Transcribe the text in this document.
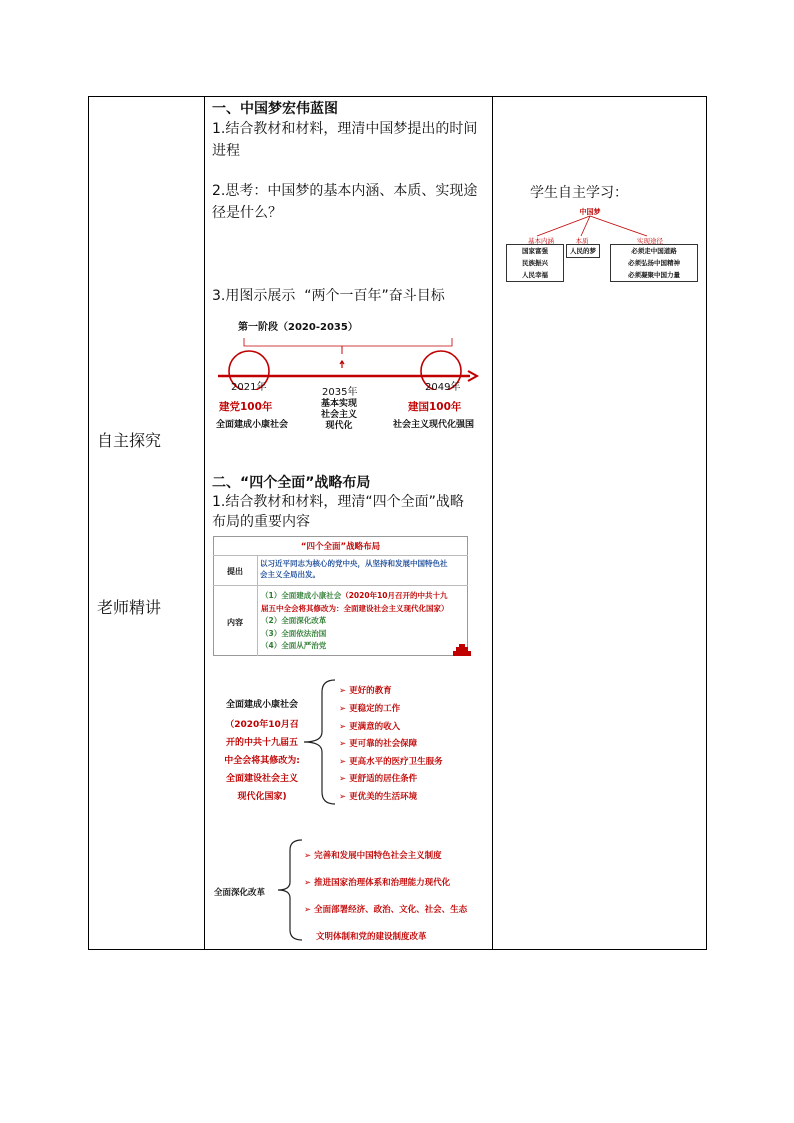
自主探究
老师精讲
一、中国梦宏伟蓝图
1.结合教材和材料，理清中国梦提出的时间
进程
2.思考：中国梦的基本内涵、本质、实现途
径是什么？
3.用图示展示  “两个一百年”奋斗目标
第一阶段（2020-2035）
2021年	2035年	2049年
建党100年
全面建成小康社会
基本实现
社会主义
现代化
建国100年
社会主义现代化强国
二、“四个全面”战略布局
1.结合教材和材料，理清“四个全面”战略
布局的重要内容
“四个全面”战略布局
提出
以习近平同志为核心的党中央，从坚持和发展中国特色社
会主义全局出发。
内容
（1）全面建成小康社会（2020年10月召开的中共十九
届五中全会将其修改为：全面建设社会主义现代化国家）
（2）全面深化改革
（3）全面依法治国
（4）全面从严治党
全面建成小康社会
（2020年10月召
开的中共十九届五
中全会将其修改为:
全面建设社会主义
现代化国家)
➢ 更好的教育
➢ 更稳定的工作
➢ 更满意的收入
➢ 更可靠的社会保障
➢ 更高水平的医疗卫生服务
➢ 更舒适的居住条件
➢ 更优美的生活环境
全面深化改革
➢ 完善和发展中国特色社会主义制度
➢ 推进国家治理体系和治理能力现代化
➢ 全面部署经济、政治、文化、社会、生态
文明体制和党的建设制度改革
学生自主学习：
中国梦
基本内涵	本质	实现途径
国家富强
民族振兴
人民幸福
人民的梦	必须走中国道路
必须弘扬中国精神
必须凝聚中国力量
